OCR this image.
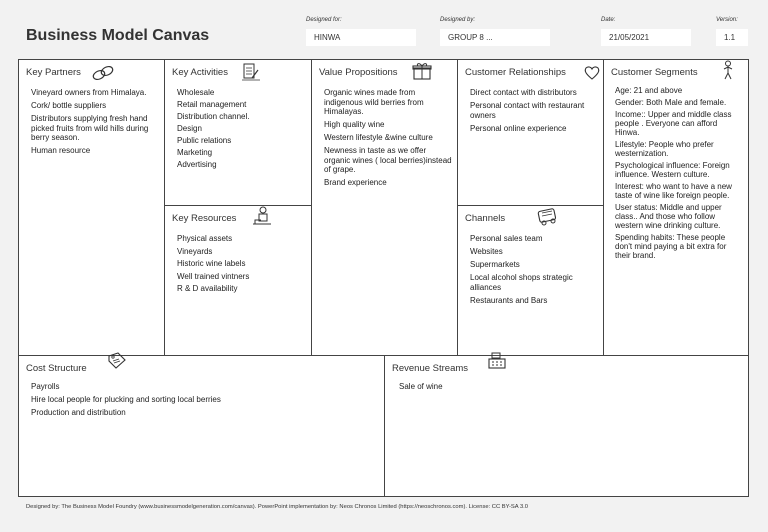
Business Model Canvas
Designed for:
HINWA
Designed by:
GROUP 8 ...
Date:
21/05/2021
Version:
1.1
Key Partners
Vineyard owners from Himalaya.
Cork/ bottle suppliers
Distributors supplying fresh hand picked fruits from wild hills during berry season.
Human resource
Key Activities
Wholesale
Retail management
Distribution channel.
Design
Public relations
Marketing
Advertising
Key Resources
Physical assets
Vineyards
Historic wine labels
Well trained vintners
R & D availability
Value Propositions
Organic wines made from indigenous wild berries from Himalayas.
High quality wine
Western lifestyle &wine culture
Newness in taste as we offer organic wines ( local berries)instead of grape.
Brand experience
Customer Relationships
Direct contact with distributors
Personal contact with restaurant owners
Personal online experience
Channels
Personal sales team
Websites
Supermarkets
Local alcohol shops strategic alliances
Restaurants and Bars
Customer Segments
Age: 21 and above
Gender: Both Male and female.
Income:: Upper and middle class people . Everyone can afford Hinwa.
Lifestyle: People who prefer westernization.
Psychological influence: Foreign influence. Western culture.
Interest: who want to have a new taste of wine like foreign people.
User status: Middle and upper class.. And those who follow western wine drinking culture.
Spending habits: These people don't mind paying a bit extra for their brand.
Cost Structure
Payrolls
Hire local people for plucking and sorting local berries
Production and distribution
Revenue Streams
Sale of wine
Designed by: The Business Model Foundry (www.businessmodelgeneration.com/canvas). PowerPoint implementation by: Neos Chronos Limited (https://neoschronos.com). License: CC BY-SA 3.0
